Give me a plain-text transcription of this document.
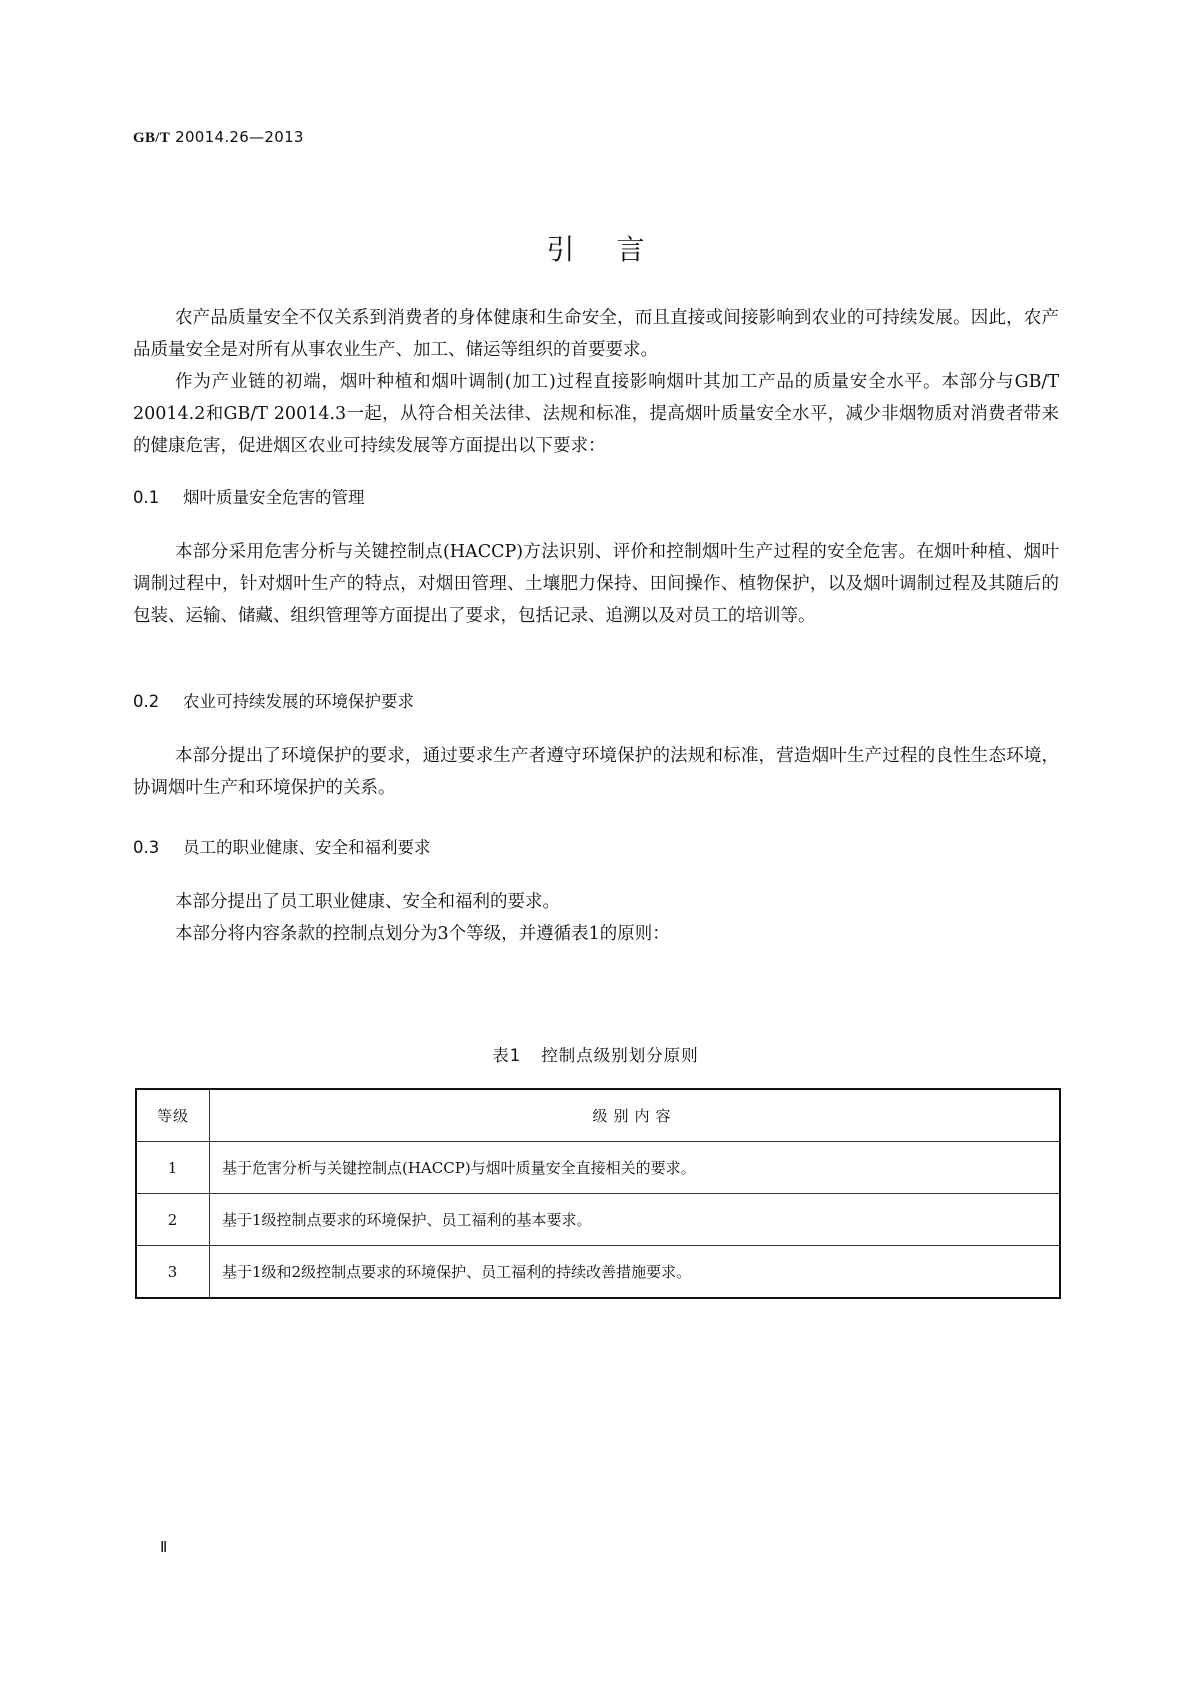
GB/T 20014.26—2013
引言

农产品质量安全不仅关系到消费者的身体健康和生命安全，而且直接或间接影响到农业的可持续发展。因此，农产品质量安全是对所有从事农业生产、加工、储运等组织的首要要求。

作为产业链的初端，烟叶种植和烟叶调制(加工)过程直接影响烟叶其加工产品的质量安全水平。本部分与GB/T 20014.2和GB/T 20014.3一起，从符合相关法律、法规和标准，提高烟叶质量安全水平，减少非烟物质对消费者带来的健康危害，促进烟区农业可持续发展等方面提出以下要求：

0.1 烟叶质量安全危害的管理

本部分采用危害分析与关键控制点(HACCP)方法识别、评价和控制烟叶生产过程的安全危害。在烟叶种植、烟叶调制过程中，针对烟叶生产的特点，对烟田管理、土壤肥力保持、田间操作、植物保护，以及烟叶调制过程及其随后的包装、运输、储藏、组织管理等方面提出了要求，包括记录、追溯以及对员工的培训等。

0.2 农业可持续发展的环境保护要求

本部分提出了环境保护的要求，通过要求生产者遵守环境保护的法规和标准，营造烟叶生产过程的良性生态环境，协调烟叶生产和环境保护的关系。

0.3 员工的职业健康、安全和福利要求

本部分提出了员工职业健康、安全和福利的要求。

本部分将内容条款的控制点划分为3个等级，并遵循表1的原则：

表1 控制点级别划分原则
等级	级别内容
1	基于危害分析与关键控制点(HACCP)与烟叶质量安全直接相关的要求。
2	基于1级控制点要求的环境保护、员工福利的基本要求。
3	基于1级和2级控制点要求的环境保护、员工福利的持续改善措施要求。
Ⅱ
